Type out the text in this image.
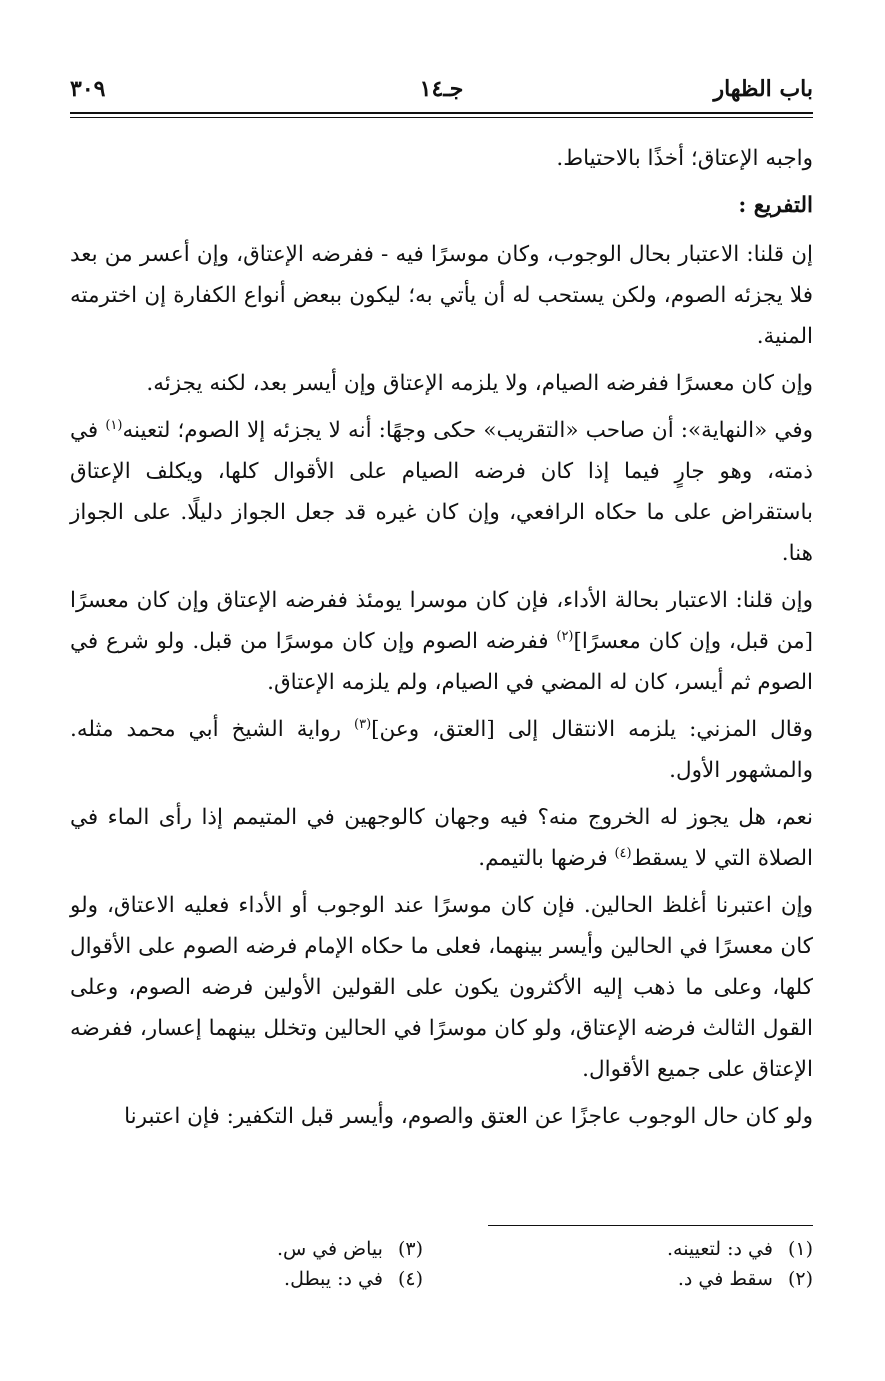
باب الظهار
جـ١٤
٣٠٩

واجبه الإعتاق؛ أخذًا بالاحتياط.

التفريع :

إن قلنا: الاعتبار بحال الوجوب، وكان موسرًا فيه - ففرضه الإعتاق، وإن أعسر من بعد فلا يجزئه الصوم، ولكن يستحب له أن يأتي به؛ ليكون ببعض أنواع الكفارة إن اخترمته المنية.

وإن كان معسرًا ففرضه الصيام، ولا يلزمه الإعتاق وإن أيسر بعد، لكنه يجزئه.

وفي «النهاية»: أن صاحب «التقريب» حكى وجهًا: أنه لا يجزئه إلا الصوم؛ لتعينه$^{(١)}$ في ذمته، وهو جارٍ فيما إذا كان فرضه الصيام على الأقوال كلها، ويكلف الإعتاق باستقراض على ما حكاه الرافعي، وإن كان غيره قد جعل الجواز دليلًا. على الجواز هنا.

وإن قلنا: الاعتبار بحالة الأداء، فإن كان موسرا يومئذ ففرضه الإعتاق وإن كان معسرًا [من قبل، وإن كان معسرًا]$^{(٢)}$ ففرضه الصوم وإن كان موسرًا من قبل. ولو شرع في الصوم ثم أيسر، كان له المضي في الصيام، ولم يلزمه الإعتاق.

وقال المزني: يلزمه الانتقال إلى [العتق، وعن]$^{(٣)}$ رواية الشيخ أبي محمد مثله. والمشهور الأول.

نعم، هل يجوز له الخروج منه؟ فيه وجهان كالوجهين في المتيمم إذا رأى الماء في الصلاة التي لا يسقط$^{(٤)}$ فرضها بالتيمم.

وإن اعتبرنا أغلظ الحالين. فإن كان موسرًا عند الوجوب أو الأداء فعليه الاعتاق، ولو كان معسرًا في الحالين وأيسر بينهما، فعلى ما حكاه الإمام فرضه الصوم على الأقوال كلها، وعلى ما ذهب إليه الأكثرون يكون على القولين الأولين فرضه الصوم، وعلى القول الثالث فرضه الإعتاق، ولو كان موسرًا في الحالين وتخلل بينهما إعسار، ففرضه الإعتاق على جميع الأقوال.

ولو كان حال الوجوب عاجزًا عن العتق والصوم، وأيسر قبل التكفير: فإن اعتبرنا

(١) في د: لتعيينه.
(٢) سقط في د.
(٣) بياض في س.
(٤) في د: يبطل.
